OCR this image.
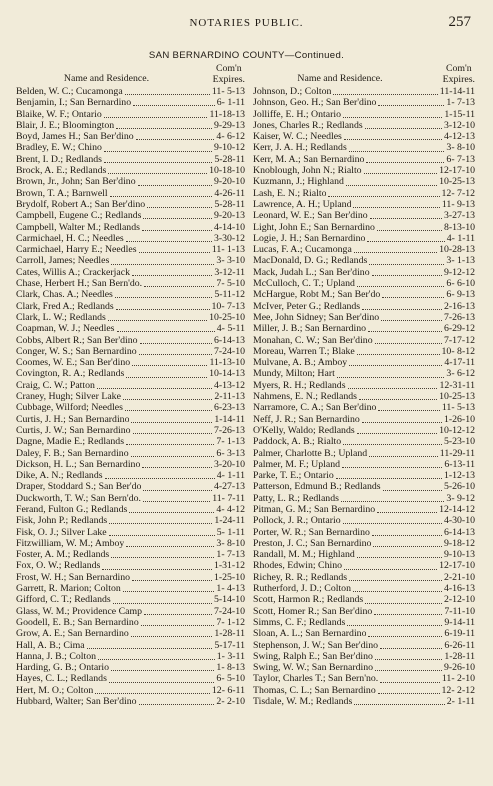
NOTARIES PUBLIC.	257
SAN BERNARDINO COUNTY—Continued.
Name and Residence.
Com'n
Expires.
Belden, W. C.; Cucamonga	11- 5-13
Benjamin, I.; San Bernardino	6- 1-11
Blaike, W. F.; Ontario	11-18-13
Blair, J. E.; Bloomington	9-29-13
Boyd, James H.; San Ber'dino	4- 6-12
Bradley, E. W.; Chino	9-10-12
Brent, I. D.; Redlands	5-28-11
Brock, A. E.; Redlands	10-18-10
Brown, Jr., John; San Ber'dino	9-20-10
Brown, T. A.; Barnwell	4-26-11
Brydolf, Robert A.; San Ber'dino	5-28-11
Campbell, Eugene C.; Redlands	9-20-13
Campbell, Walter M.; Redlands	4-14-10
Carmichael, H. C.; Needles	3-30-12
Carmichael, Harry E.; Needles	11- 1-13
Carroll, James; Needles	3- 3-10
Cates, Willis A.; Crackerjack	3-12-11
Chase, Herbert H.; San Bern'do.	7- 5-10
Clark, Chas. A.; Needles	5-11-12
Clark, Fred A.; Redlands	10- 7-13
Clark, L. W.; Redlands	10-25-10
Coapman, W. J.; Needles	4- 5-11
Cobbs, Albert R.; San Ber'dino	6-14-13
Conger, W. S.; San Bernardino	7-24-10
Coomes, W. E.; San Ber'dino	11-13-10
Covington, R. A.; Redlands	10-14-13
Craig, C. W.; Patton	4-13-12
Craney, Hugh; Silver Lake	2-11-13
Cubbage, Wilford; Needles	6-23-13
Curtis, J. H.; San Bernardino	1-14-11
Curtis, J. W.; San Bernardino	7-26-13
Dagne, Madie E.; Redlands	7- 1-13
Daley, F. B.; San Bernardino	6- 3-13
Dickson, H. L.; San Bernardino	3-20-10
Dike, A. N.; Redlands	4- 1-11
Draper, Stoddard S.; San Ber'do	4-27-13
Duckworth, T. W.; San Bern'do.	11- 7-11
Ferand, Fulton G.; Redlands	4- 4-12
Fisk, John P.; Redlands	1-24-11
Fisk, O. J.; Silver Lake	5- 1-11
Fitzwilliam, W. M.; Amboy	3- 8-10
Foster, A. M.; Redlands	1- 7-13
Fox, O. W.; Redlands	1-31-12
Frost, W. H.; San Bernardino	1-25-10
Garrett, R. Marion; Colton	1- 4-13
Gifford, C. T.; Redlands	5-14-10
Glass, W. M.; Providence Camp	7-24-10
Goodell, E. B.; San Bernardino	7- 1-12
Grow, A. E.; San Bernardino	1-28-11
Hall, A. B.; Cima	5-17-11
Hanna, J. B.; Colton	1- 3-11
Harding, G. B.; Ontario	1- 8-13
Hayes, C. L.; Redlands	6- 5-10
Hert, M. O.; Colton	12- 6-11
Hubbard, Walter; San Ber'dino	2- 2-10
Name and Residence.
Com'n
Expires.
Johnson, D.; Colton	11-14-11
Johnson, Geo. H.; San Ber'dino	1- 7-13
Jolliffe, E. H.; Ontario	1-15-11
Jones, Charles R.; Redlands	3-12-10
Kaiser, W. C.; Needles	4-12-13
Kerr, J. A. H.; Redlands	3- 8-10
Kerr, M. A.; San Bernardino	6- 7-13
Knoblough, John N.; Rialto	12-17-10
Kuzmann, J.; Highland	10-25-13
Lash, E. N.; Rialto	12- 7-12
Lawrence, A. H.; Upland	11- 9-13
Leonard, W. E.; San Ber'dino	3-27-13
Light, John E.; San Bernardino	8-13-10
Logie, J. H.; San Bernardino	4- 1-11
Lucas, F. A.; Cucamonga	10-28-13
MacDonald, D. G.; Redlands	3- 1-13
Mack, Judah L.; San Ber'dino	9-12-12
McCulloch, C. T.; Upland	6- 6-10
McHargue, Robt M.; San Ber'do	6- 9-13
McIver, Peter G.; Redlands	2-16-13
Mee, John Sidney; San Ber'dino	7-26-13
Miller, J. B.; San Bernardino	6-29-12
Monahan, C. W.; San Ber'dino	7-17-12
Moreau, Warren T.; Blake	10- 8-12
Mulvane, A. B.; Amboy	4-17-11
Mundy, Milton; Hart	3- 6-12
Myers, R. H.; Redlands	12-31-11
Nahmens, E. N.; Redlands	10-25-13
Narramore, C. A.; San Ber'dino	11- 5-13
Neff, J. R.; San Bernardino	1-26-10
O'Kelly, Waldo; Redlands	10-12-12
Paddock, A. B.; Rialto	5-23-10
Palmer, Charlotte B.; Upland	11-29-11
Palmer, M. F.; Upland	6-13-11
Parke, T. E.; Ontario	1-12-13
Patterson, Edmund B.; Redlands	5-26-10
Patty, L. R.; Redlands	3- 9-12
Pitman, G. M.; San Bernardino	12-14-12
Pollock, J. R.; Ontario	4-30-10
Porter, W. R.; San Bernardino	6-14-13
Preston, J. C.; San Bernardino	9-18-12
Randall, M. M.; Highland	9-10-13
Rhodes, Edwin; Chino	12-17-10
Richey, R. R.; Redlands	2-21-10
Rutherford, J. D.; Colton	4-16-13
Scott, Harmon R.; Redlands	2-12-10
Scott, Homer R.; San Ber'dino	7-11-10
Simms, C. F.; Redlands	9-14-11
Sloan, A. L.; San Bernardino	6-19-11
Stephenson, J. W.; San Ber'dino	6-26-11
Swing, Ralph E.; San Ber'dino	1-28-11
Swing, W. W.; San Bernardino	9-26-10
Taylor, Charles T.; San Bern'no.	11- 2-10
Thomas, C. L.; San Bernardino	12- 2-12
Tisdale, W. M.; Redlands	2- 1-11
